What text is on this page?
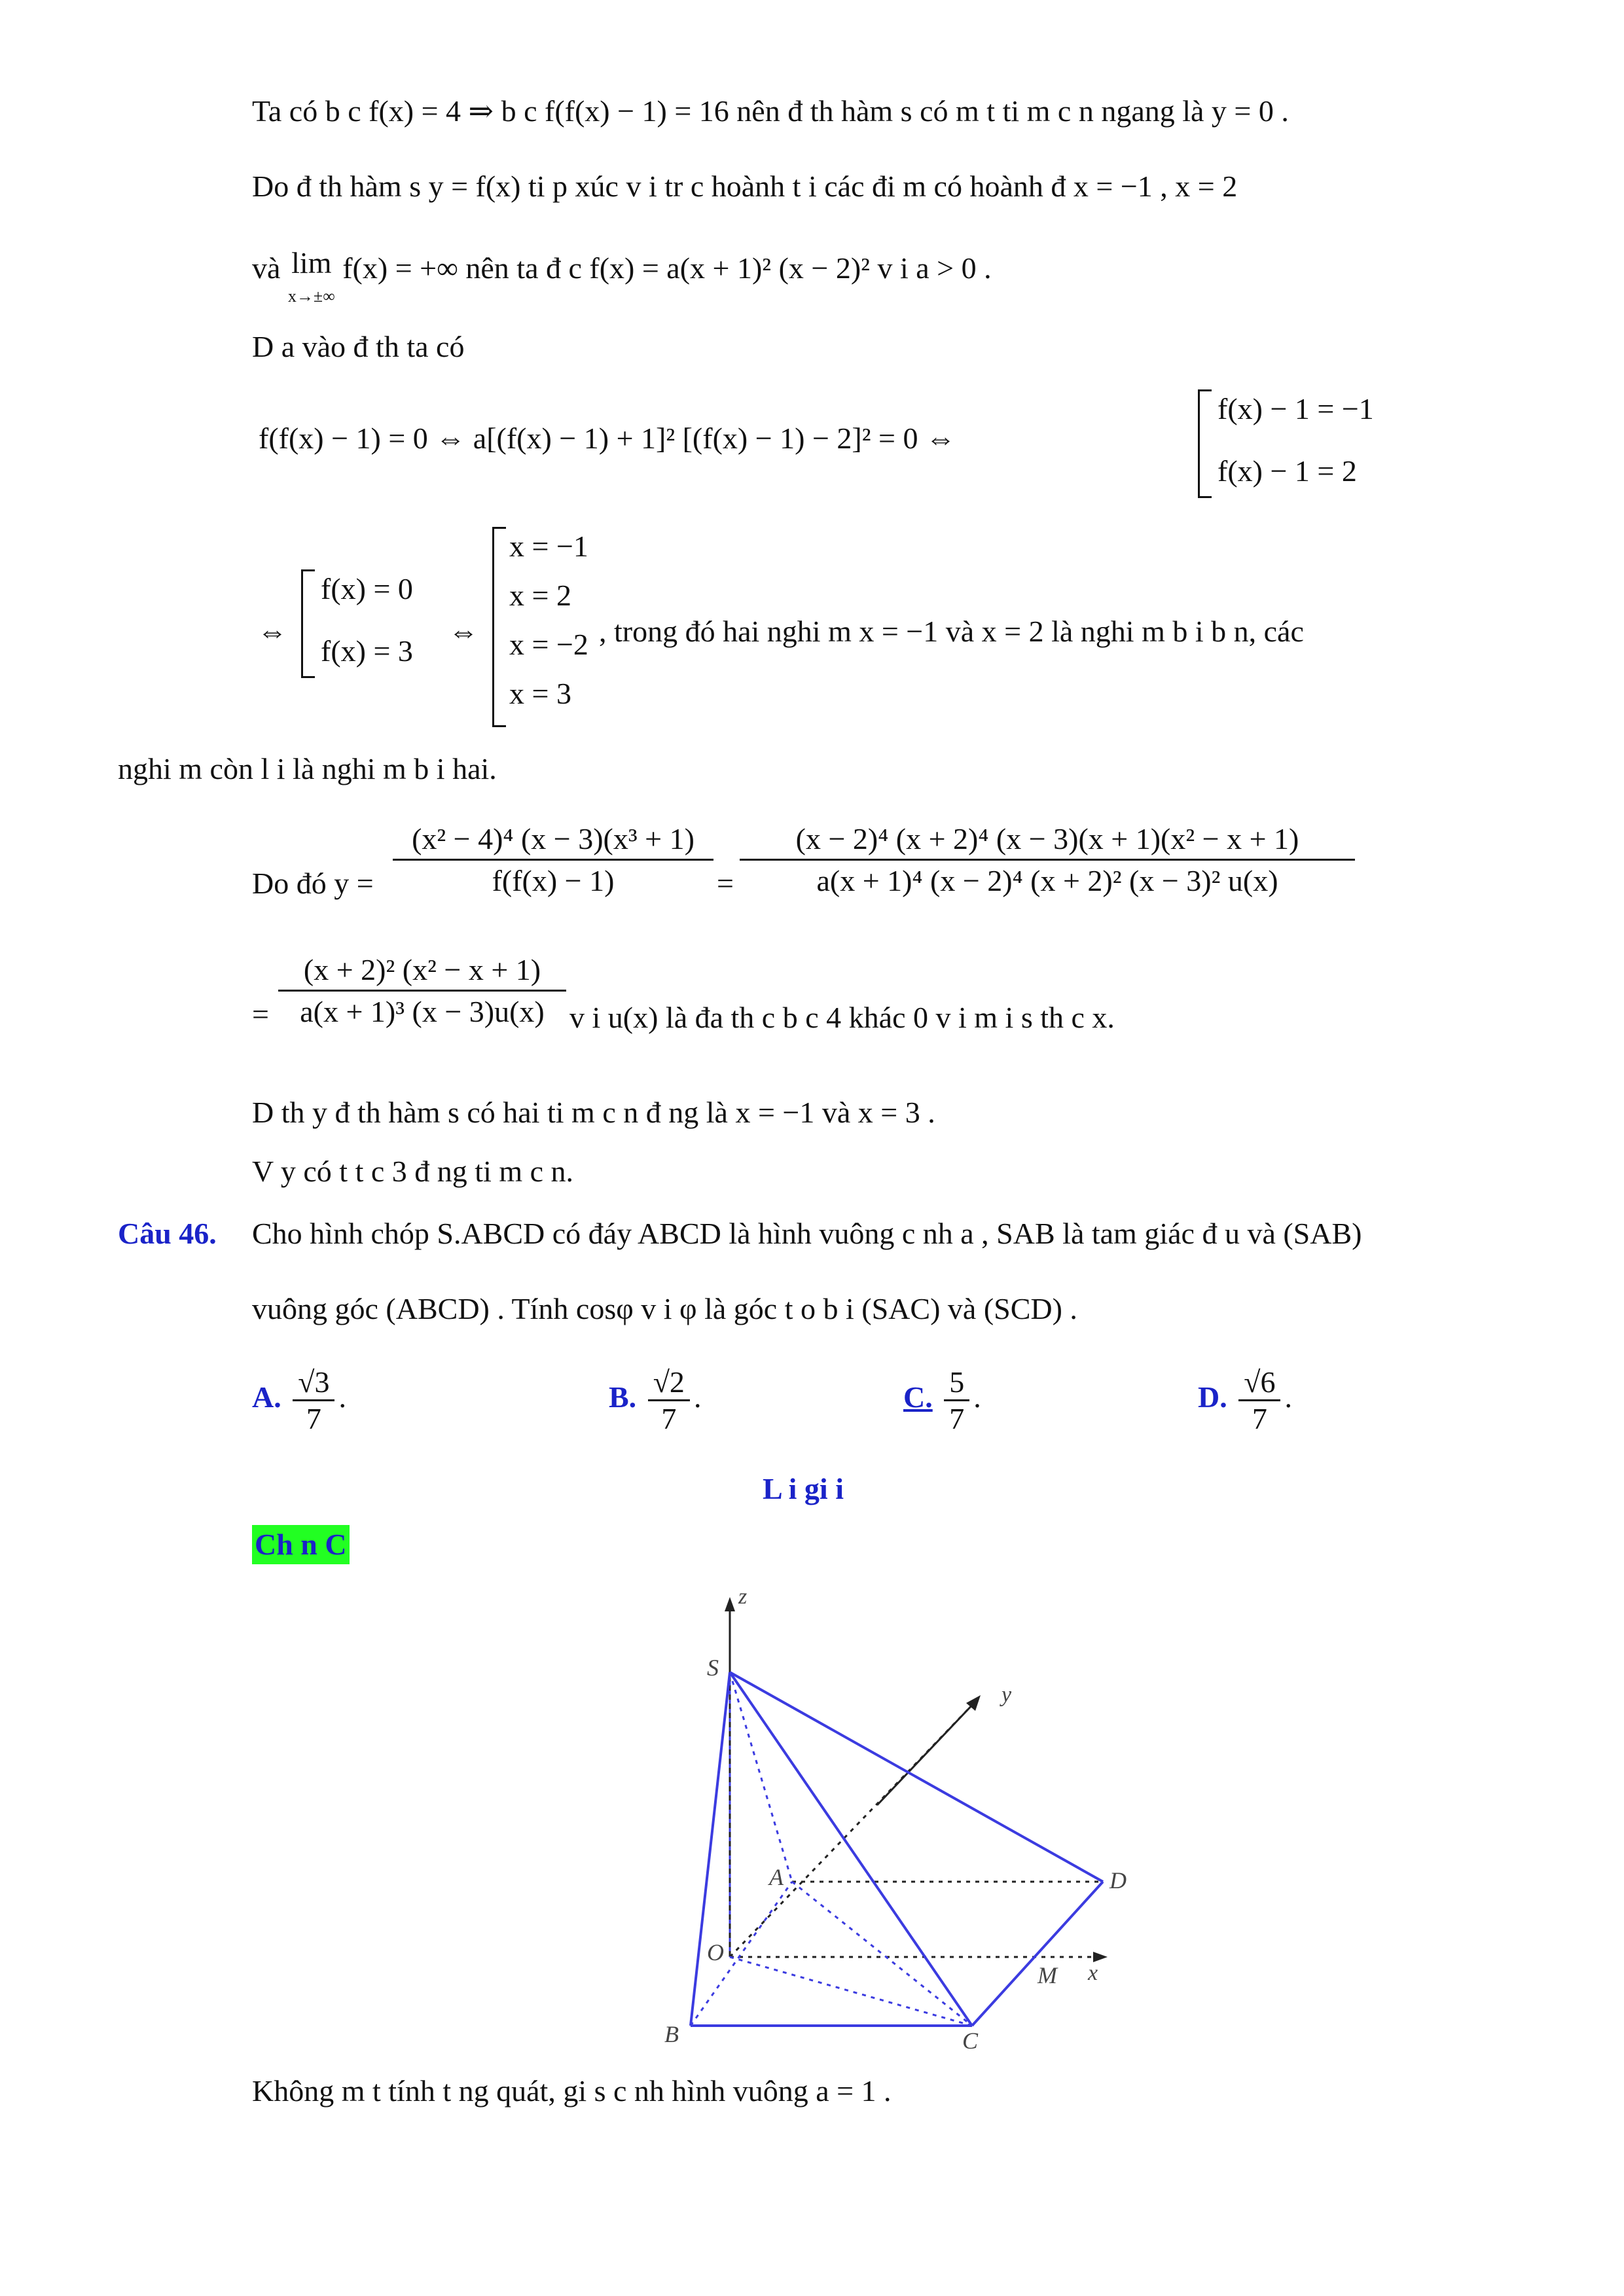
Ta có b c f(x) = 4 ⇒ b c f(f(x) − 1) = 16 nên đ th hàm s có m t ti m c n ngang là y = 0 .
Do đ th hàm s y = f(x) ti p xúc v i tr c hoành t i các đi m có hoành đ x = −1 , x = 2
và lim
x→±∞ f(x) = +∞ nên ta đ c f(x) = a(x + 1)² (x − 2)² v i a > 0 .
D a vào đ th ta có
f(f(x) − 1) = 0 ⇔ a[(f(x) − 1) + 1]² [(f(x) − 1) − 2]² = 0 ⇔
f(x) − 1 = −1
f(x) − 1 = 2
⇔
f(x) = 0
f(x) = 3
⇔
x = −1
x = 2
x = −2
x = 3
, trong đó hai nghi m x = −1 và x = 2 là nghi m b i b n, các
nghi m còn l i là nghi m b i hai.
Do đó $y = \frac{\text{(x² − 4)⁴ (x − 3)(x³ + 1)}}{f(f(x) - 1)} = \frac{\text{(x − 2)⁴ (x + 2)⁴ (x − 3)(x + 1)(x² − x + 1)}}{\text{a(x + 1)⁴ (x − 2)⁴ (x + 2)² (x − 3)² u(x)}}$
= $\frac{\text{(x + 2)² (x² − x + 1)}}{\text{a(x + 1)³ (x − 3)u(x)}}$ v i u(x) là đa th c b c 4 khác 0 v i m i s th c x.
D th y đ th hàm s có hai ti m c n đ ng là x = −1 và x = 3 .
V y có t t c 3 đ ng ti m c n.
Câu 46. Cho hình chóp S.ABCD có đáy ABCD là hình vuông c nh a , SAB là tam giác đ u và (SAB)
vuông góc (ABCD) . Tính cosφ v i φ là góc t o b i (SAC) và (SCD) .
A. $\frac{√3}{7}$ .	B. $\frac{√2}{7}$ .	C. $\frac{5}{7}$ .	D. $\frac{√6}{7}$ .
L i gi i
Ch n C
z
y
x
S
A	D
O
M
B	C
Không m t tính t ng quát, gi s c nh hình vuông a = 1 .
